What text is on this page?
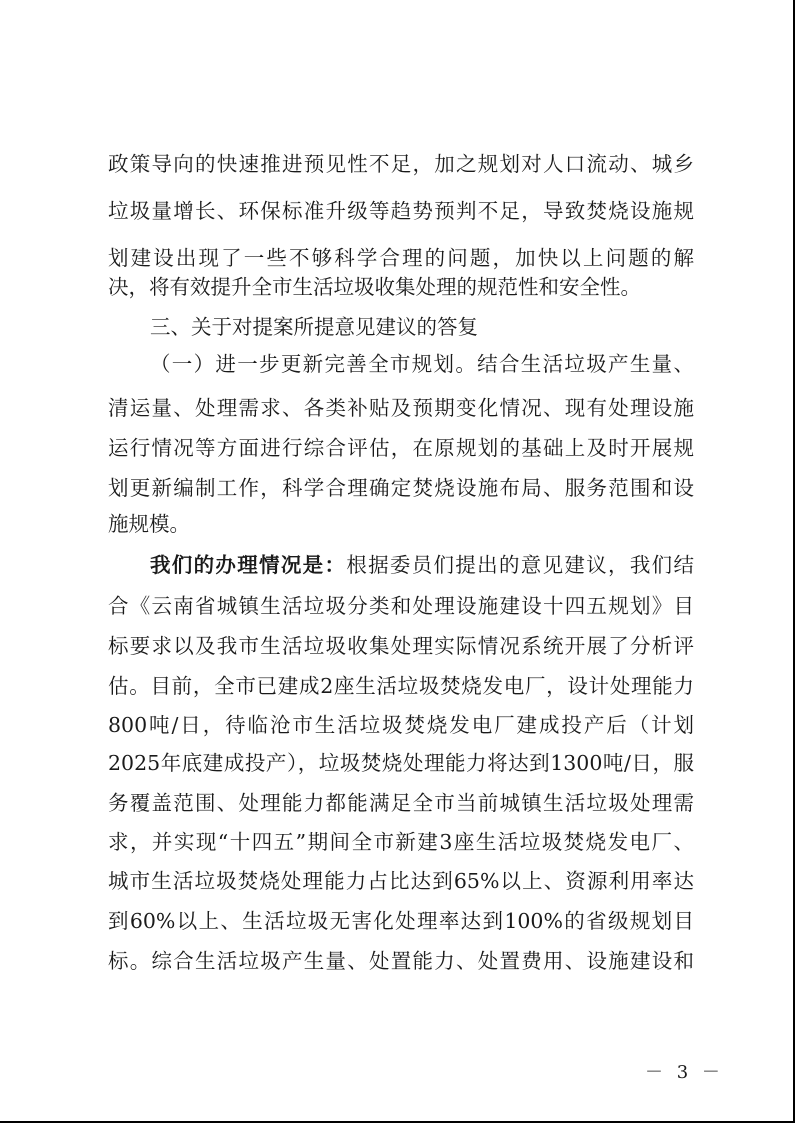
政策导向的快速推进预见性不足，加之规划对人口流动、城乡
垃圾量增长、环保标准升级等趋势预判不足，导致焚烧设施规
划建设出现了一些不够科学合理的问题，加快以上问题的解
决，将有效提升全市生活垃圾收集处理的规范性和安全性。
三、关于对提案所提意见建议的答复
（一）进一步更新完善全市规划。结合生活垃圾产生量、
清运量、处理需求、各类补贴及预期变化情况、现有处理设施
运行情况等方面进行综合评估，在原规划的基础上及时开展规
划更新编制工作，科学合理确定焚烧设施布局、服务范围和设
施规模。
我们的办理情况是：根据委员们提出的意见建议，我们结
合《云南省城镇生活垃圾分类和处理设施建设十四五规划》目
标要求以及我市生活垃圾收集处理实际情况系统开展了分析评
估。目前，全市已建成2座生活垃圾焚烧发电厂，设计处理能力
800吨/日，待临沧市生活垃圾焚烧发电厂建成投产后（计划
2025年底建成投产），垃圾焚烧处理能力将达到1300吨/日，服
务覆盖范围、处理能力都能满足全市当前城镇生活垃圾处理需
求，并实现“十四五”期间全市新建3座生活垃圾焚烧发电厂、
城市生活垃圾焚烧处理能力占比达到65%以上、资源利用率达
到60%以上、生活垃圾无害化处理率达到100%的省级规划目
标。综合生活垃圾产生量、处置能力、处置费用、设施建设和
－ 3 －
